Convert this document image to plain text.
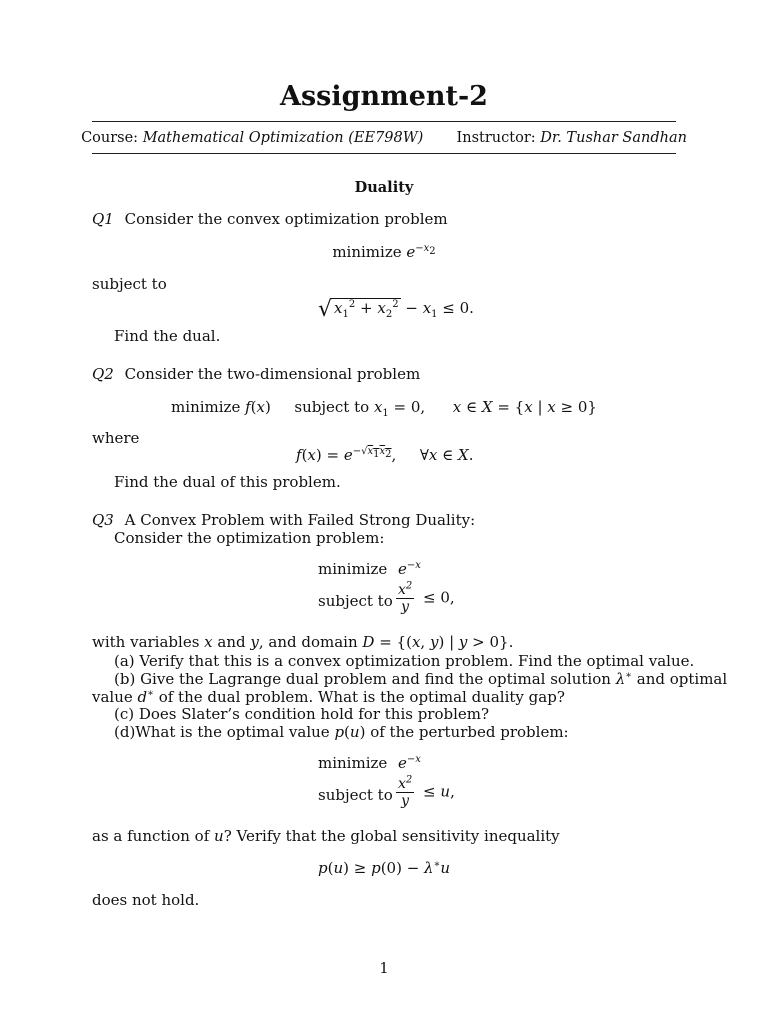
Assignment-2
Course: Mathematical Optimization (EE798W) Instructor: Dr. Tushar Sandhan
Duality
Q1 Consider the convex optimization problem
minimize $e^{-x_2}$
subject to
√ $x_1^2 + x_2^2 - x_1 \le 0$.
Find the dual.
Q2 Consider the two-dimensional problem
minimize f(x)  subject to $x_1 = 0$,  x ∈ X = {x | x ≥ 0}
where
$f(x) = e^{-√x_1x_2}$,  ∀x ∈ X.
Find the dual of this problem.
Q3 A Convex Problem with Failed Strong Duality:
Consider the optimization problem:
minimize $e^{-x}$
subject to $\frac{x^2}{y} \le 0$,
with variables x and y, and domain D = {(x, y) | y > 0}.
(a) Verify that this is a convex optimization problem. Find the optimal value.
(b) Give the Lagrange dual problem and find the optimal solution λ∗ and optimal
value d∗ of the dual problem. What is the optimal duality gap?
(c) Does Slater’s condition hold for this problem?
(d)What is the optimal value p(u) of the perturbed problem:
minimize $e^{-x}$
subject to $\frac{x^2}{y} \le u$,
as a function of u? Verify that the global sensitivity inequality
p(u) ≥ p(0) − λ∗u
does not hold.
1
